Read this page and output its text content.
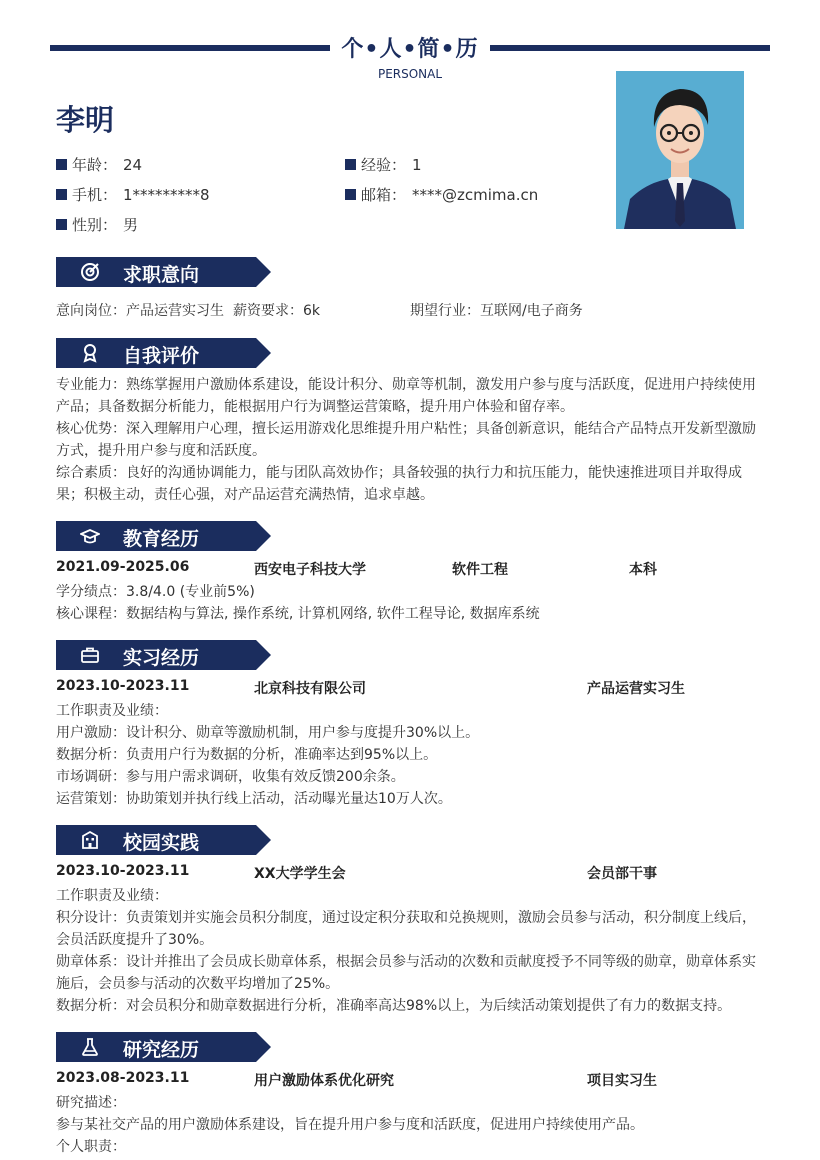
个•人•简•历
PERSONAL
李明
年龄： 24	经验： 1
手机： 1*********8	邮箱： ****@zcmima.cn
性别： 男
求职意向
意向岗位：产品运营实习生 薪资要求：6k	期望行业：互联网/电子商务
自我评价
专业能力：熟练掌握用户激励体系建设，能设计积分、勋章等机制，激发用户参与度与活跃度，促进用户持续使用
产品；具备数据分析能力，能根据用户行为调整运营策略，提升用户体验和留存率。
核心优势：深入理解用户心理，擅长运用游戏化思维提升用户粘性；具备创新意识，能结合产品特点开发新型激励
方式，提升用户参与度和活跃度。
综合素质：良好的沟通协调能力，能与团队高效协作；具备较强的执行力和抗压能力，能快速推进项目并取得成
果；积极主动，责任心强，对产品运营充满热情，追求卓越。
教育经历
2021.09-2025.06	西安电子科技大学	软件工程	本科
学分绩点：3.8/4.0 (专业前5%)
核心课程：数据结构与算法, 操作系统, 计算机网络, 软件工程导论, 数据库系统
实习经历
2023.10-2023.11	北京科技有限公司	产品运营实习生
工作职责及业绩：
用户激励：设计积分、勋章等激励机制，用户参与度提升30%以上。
数据分析：负责用户行为数据的分析，准确率达到95%以上。
市场调研：参与用户需求调研，收集有效反馈200余条。
运营策划：协助策划并执行线上活动，活动曝光量达10万人次。
校园实践
2023.10-2023.11	XX大学学生会	会员部干事
工作职责及业绩：
积分设计：负责策划并实施会员积分制度，通过设定积分获取和兑换规则，激励会员参与活动，积分制度上线后，
会员活跃度提升了30%。
勋章体系：设计并推出了会员成长勋章体系，根据会员参与活动的次数和贡献度授予不同等级的勋章，勋章体系实
施后，会员参与活动的次数平均增加了25%。
数据分析：对会员积分和勋章数据进行分析，准确率高达98%以上，为后续活动策划提供了有力的数据支持。
研究经历
2023.08-2023.11	用户激励体系优化研究	项目实习生
研究描述：
参与某社交产品的用户激励体系建设，旨在提升用户参与度和活跃度，促进用户持续使用产品。
个人职责：
